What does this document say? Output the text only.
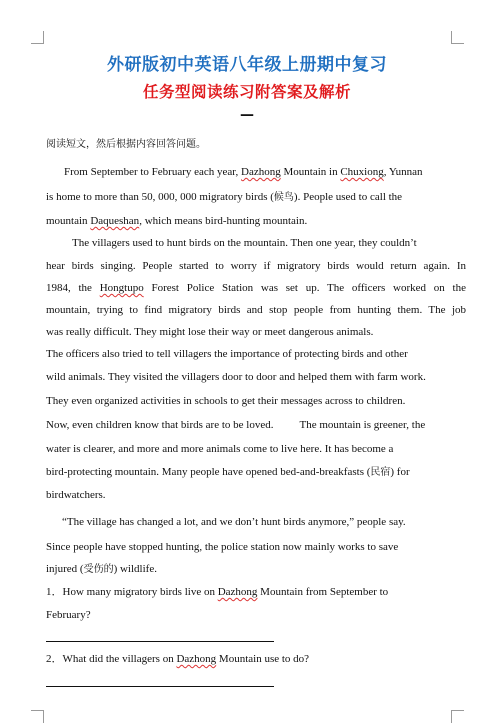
外研版初中英语八年级上册期中复习
任务型阅读练习附答案及解析
—
阅读短文，然后根据内容回答问题。
From September to February each year, Dazhong Mountain in Chuxiong, Yunnan
is home to more than 50, 000, 000 migratory birds (候鸟). People used to call the
mountain Daqueshan, which means bird-hunting mountain.
The villagers used to hunt birds on the mountain. Then one year, they couldn’t
hear birds singing. People started to worry if migratory birds would return again. In
1984, the Hongtupo Forest Police Station was set up. The officers worked on the
mountain, trying to find migratory birds and stop people from hunting them. The job
was really difficult. They might lose their way or meet dangerous animals.
The officers also tried to tell villagers the importance of protecting birds and other
wild animals. They visited the villagers door to door and helped them with farm work.
They even organized activities in schools to get their messages across to children.
Now, even children know that birds are to be loved. The mountain is greener, the
water is clearer, and more and more animals come to live here. It has become a
bird-protecting mountain. Many people have opened bed-and-breakfasts (民宿) for
birdwatchers.
“The village has changed a lot, and we don’t hunt birds anymore,” people say.
Since people have stopped hunting, the police station now mainly works to save
injured (受伤的) wildlife.
1．How many migratory birds live on Dazhong Mountain from September to
February?
2．What did the villagers on Dazhong Mountain use to do?
